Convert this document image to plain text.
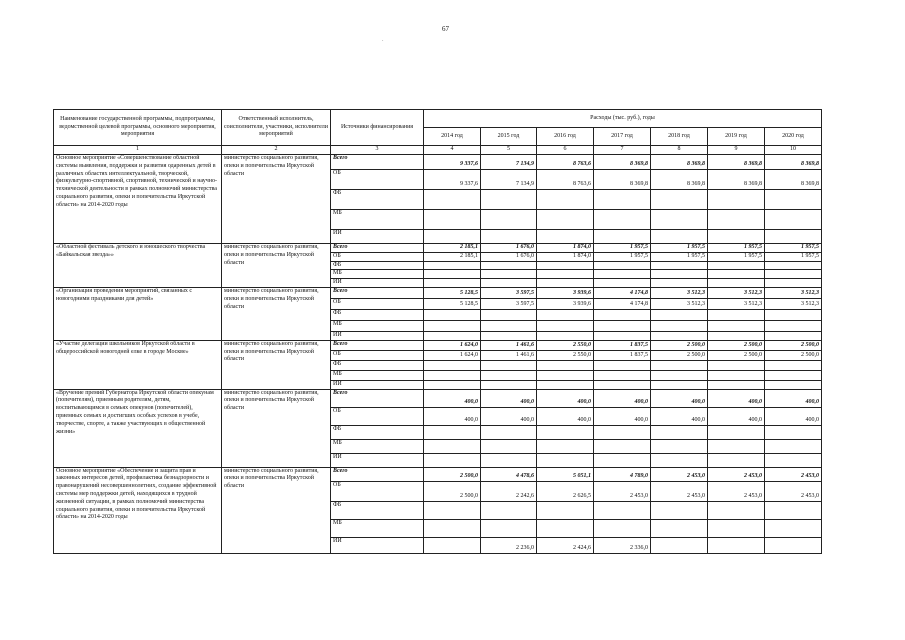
67
.
Наименование государственной программы, подпрограммы, ведомственной целевой программы, основного мероприятия, мероприятия	Ответственный исполнитель, соисполнители, участники, исполнители мероприятий	Источники финансирования	Расходы (тыс. руб.), годы						
			2014 год	2015 год	2016 год	2017 год	2018 год	2019 год	2020 год
1	2	3	4	5	6	7	8	9	10
Основное мероприятие «Совершенствование областной системы выявления, поддержки и развития одаренных детей в различных областях интеллектуальной, творческой, физкультурно-спортивной, спортивной, технической и научно-технической деятельности в рамках полномочий министерства социального развития, опеки и попечительства Иркутской области» на 2014-2020 годы	министерство социального развития, опеки и попечительства Иркутской области	Всего	9 337,6	7 134,9	8 763,6	8 369,8	8 369,8	8 369,8	8 369,8
		ОБ	9 337,6	7 134,9	8 763,6	8 369,8	8 369,8	8 369,8	8 369,8
		ФБ							
		МБ							
		ИИ							
«Областной фестиваль детского и юношеского творчества «Байкальская звезда»»	министерство социального развития, опеки и попечительства Иркутской области	Всего	2 185,1	1 676,0	1 874,0	1 957,5	1 957,5	1 957,5	1 957,5
		ОБ	2 185,1	1 676,0	1 874,0	1 957,5	1 957,5	1 957,5	1 957,5
		ФБ							
		МБ							
		ИИ							
«Организация проведения мероприятий, связанных с новогодними праздниками для детей»	министерство социального развития, опеки и попечительства Иркутской области	Всего	5 128,5	3 597,5	3 939,6	4 174,8	3 512,3	3 512,3	3 512,3
		ОБ	5 128,5	3 597,5	3 939,6	4 174,8	3 512,3	3 512,3	3 512,3
		ФБ							
		МБ							
		ИИ							
«Участие делегации школьников Иркутской области в общероссийской новогодней елке в городе Москве»	министерство социального развития, опеки и попечительства Иркутской области	Всего	1 624,0	1 461,6	2 550,0	1 837,5	2 500,0	2 500,0	2 500,0
		ОБ	1 624,0	1 461,6	2 550,0	1 837,5	2 500,0	2 500,0	2 500,0
		ФБ							
		МБ							
		ИИ							
«Вручение премий Губернатора Иркутской области опекунам (попечителям), приемным родителям, детям, воспитывающимся в семьях опекунов (попечителей), приемных семьях и достигших особых успехов в учебе, творчестве, спорте, а также участвующих в общественной жизни»	министерство социального развития, опеки и попечительства Иркутской области	Всего	400,0	400,0	400,0	400,0	400,0	400,0	400,0
		ОБ	400,0	400,0	400,0	400,0	400,0	400,0	400,0
		ФБ							
		МБ							
		ИИ							
Основное мероприятие «Обеспечение и защита прав и законных интересов детей, профилактика безнадзорности и правонарушений несовершеннолетних, создание эффективной системы мер поддержки детей, находящихся в трудной жизненной ситуации, в рамках полномочий министерства социального развития, опеки и попечительства Иркутской области» на 2014-2020 годы	министерство социального развития, опеки и попечительства Иркутской области	Всего	2 500,0	4 478,6	5 051,1	4 789,0	2 453,0	2 453,0	2 453,0
		ОБ	2 500,0	2 242,6	2 626,5	2 453,0	2 453,0	2 453,0	2 453,0
		ФБ							
		МБ							
		ИИ		2 236,0	2 424,6	2 336,0			
